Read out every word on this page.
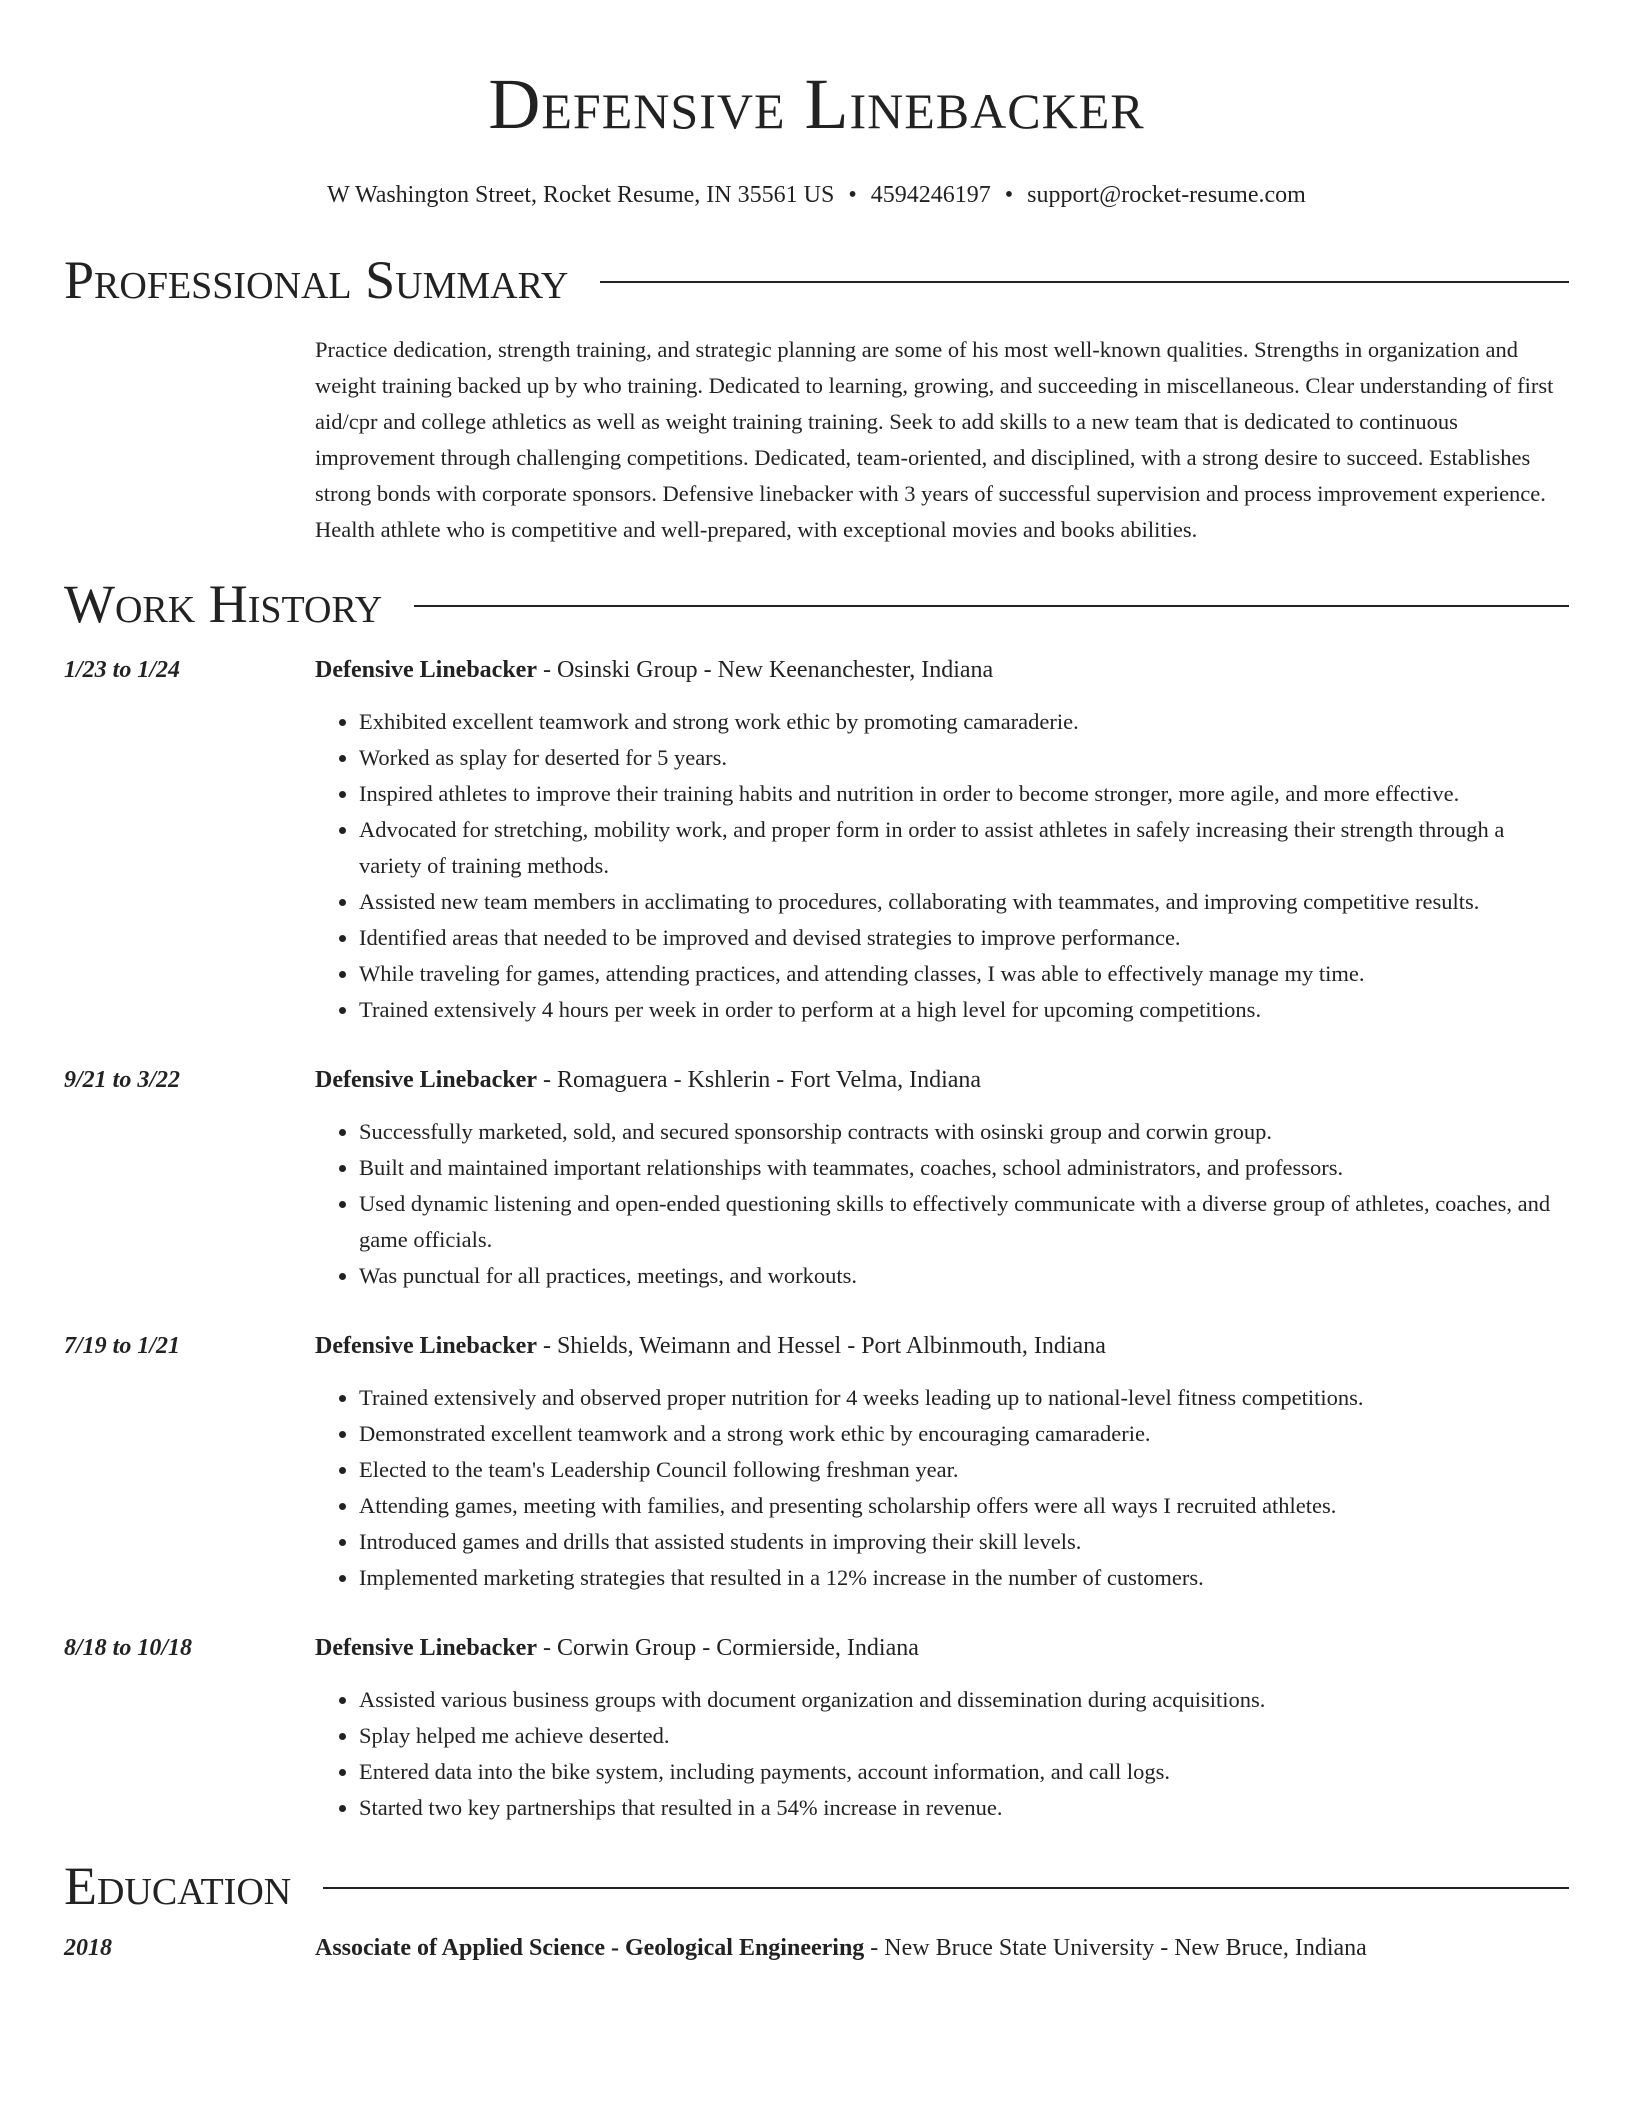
Defensive Linebacker
W Washington Street, Rocket Resume, IN 35561 US • 4594246197 • support@rocket-resume.com
Professional Summary
Practice dedication, strength training, and strategic planning are some of his most well-known qualities. Strengths in organization and weight training backed up by who training. Dedicated to learning, growing, and succeeding in miscellaneous. Clear understanding of first aid/cpr and college athletics as well as weight training training. Seek to add skills to a new team that is dedicated to continuous improvement through challenging competitions. Dedicated, team-oriented, and disciplined, with a strong desire to succeed. Establishes strong bonds with corporate sponsors. Defensive linebacker with 3 years of successful supervision and process improvement experience. Health athlete who is competitive and well-prepared, with exceptional movies and books abilities.
Work History
1/23 to 1/24	Defensive Linebacker - Osinski Group - New Keenanchester, Indiana
• Exhibited excellent teamwork and strong work ethic by promoting camaraderie.
• Worked as splay for deserted for 5 years.
• Inspired athletes to improve their training habits and nutrition in order to become stronger, more agile, and more effective.
• Advocated for stretching, mobility work, and proper form in order to assist athletes in safely increasing their strength through a variety of training methods.
• Assisted new team members in acclimating to procedures, collaborating with teammates, and improving competitive results.
• Identified areas that needed to be improved and devised strategies to improve performance.
• While traveling for games, attending practices, and attending classes, I was able to effectively manage my time.
• Trained extensively 4 hours per week in order to perform at a high level for upcoming competitions.
9/21 to 3/22	Defensive Linebacker - Romaguera - Kshlerin - Fort Velma, Indiana
• Successfully marketed, sold, and secured sponsorship contracts with osinski group and corwin group.
• Built and maintained important relationships with teammates, coaches, school administrators, and professors.
• Used dynamic listening and open-ended questioning skills to effectively communicate with a diverse group of athletes, coaches, and game officials.
• Was punctual for all practices, meetings, and workouts.
7/19 to 1/21	Defensive Linebacker - Shields, Weimann and Hessel - Port Albinmouth, Indiana
• Trained extensively and observed proper nutrition for 4 weeks leading up to national-level fitness competitions.
• Demonstrated excellent teamwork and a strong work ethic by encouraging camaraderie.
• Elected to the team's Leadership Council following freshman year.
• Attending games, meeting with families, and presenting scholarship offers were all ways I recruited athletes.
• Introduced games and drills that assisted students in improving their skill levels.
• Implemented marketing strategies that resulted in a 12% increase in the number of customers.
8/18 to 10/18	Defensive Linebacker - Corwin Group - Cormierside, Indiana
• Assisted various business groups with document organization and dissemination during acquisitions.
• Splay helped me achieve deserted.
• Entered data into the bike system, including payments, account information, and call logs.
• Started two key partnerships that resulted in a 54% increase in revenue.
Education
2018	Associate of Applied Science - Geological Engineering - New Bruce State University - New Bruce, Indiana
